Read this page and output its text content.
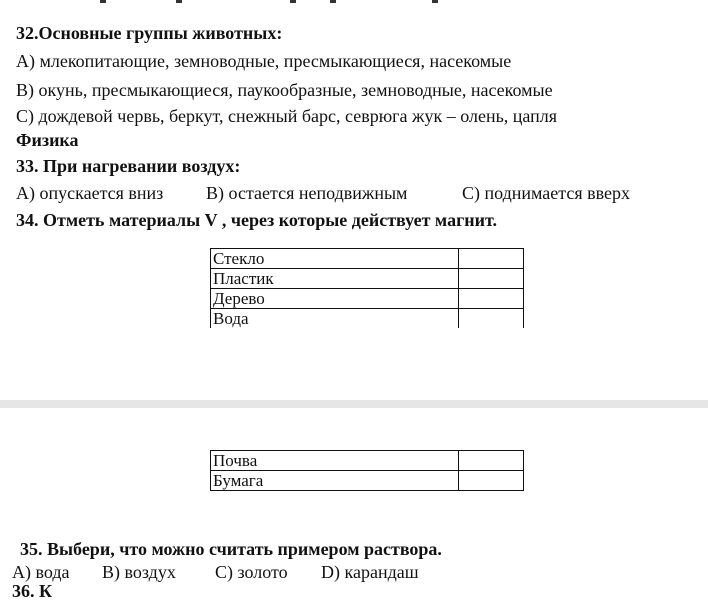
32.Основные группы животных:
А) млекопитающие, земноводные, пресмыкающиеся, насекомые
В) окунь, пресмыкающиеся, паукообразные, земноводные, насекомые
С) дождевой червь, беркут, снежный барс, севрюга жук – олень, цапля
Физика
33. При нагревании воздух:
А) опускается вниз В) остается неподвижным	С) поднимается вверх
34. Отметь материалы V , через которые действует магнит.
Стекло	
Пластик	
Дерево	
Вода	
Почва	
Бумага	
35. Выбери, что можно считать примером раствора.
А) вода В) воздух С) золото D) карандаш
36. К
